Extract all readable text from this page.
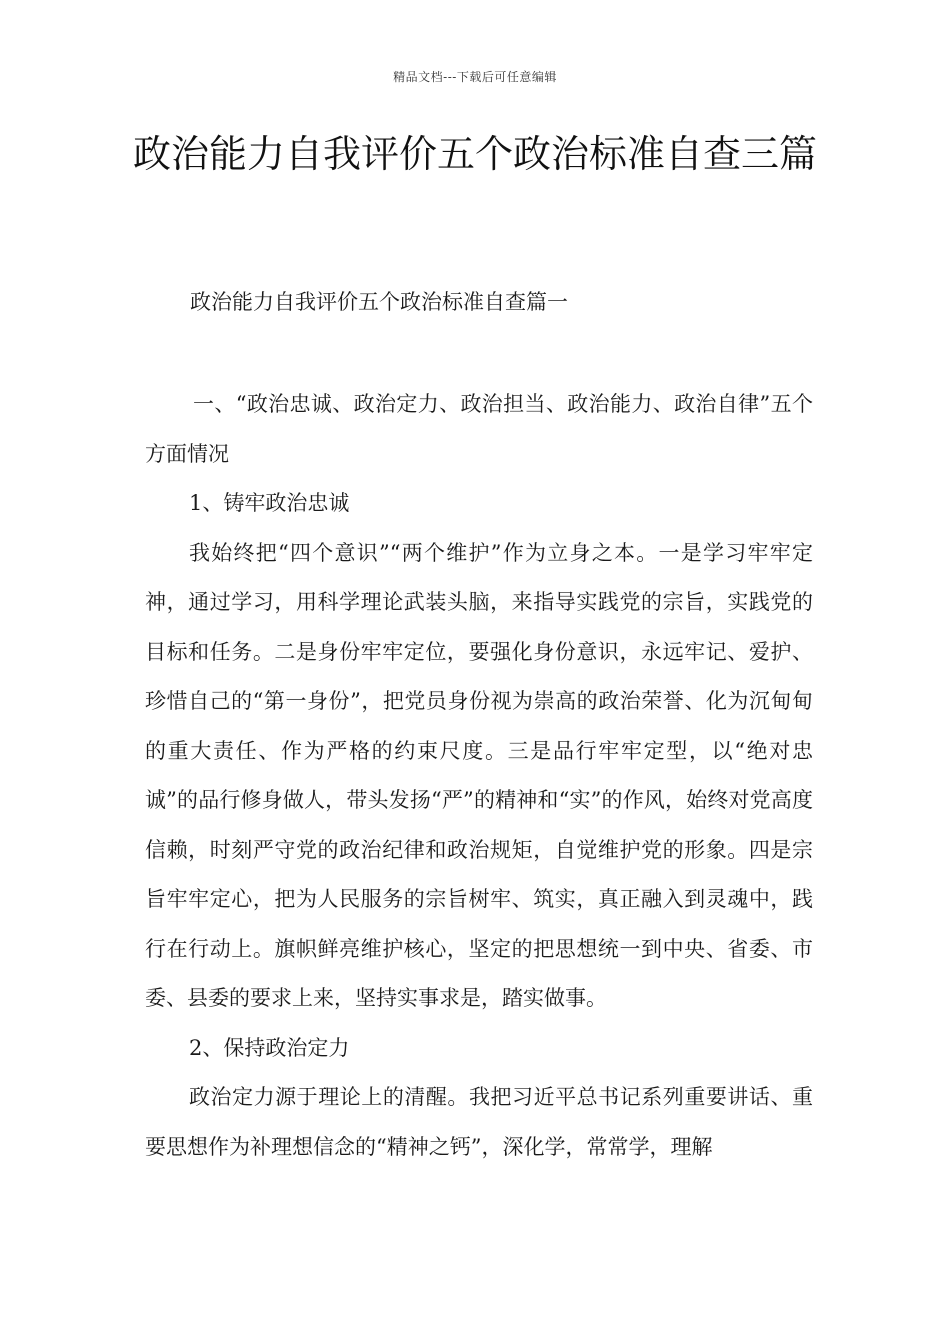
精品文档---下载后可任意编辑
政治能力自我评价五个政治标准自查三篇
政治能力自我评价五个政治标准自查篇一

一、“政治忠诚、政治定力、政治担当、政治能力、政治自律”五个方面情况

1、铸牢政治忠诚

我始终把“四个意识”“两个维护”作为立身之本。一是学习牢牢定神，通过学习，用科学理论武装头脑，来指导实践党的宗旨，实践党的目标和任务。二是身份牢牢定位，要强化身份意识，永远牢记、爱护、珍惜自己的“第一身份”，把党员身份视为崇高的政治荣誉、化为沉甸甸的重大责任、作为严格的约束尺度。三是品行牢牢定型，以“绝对忠诚”的品行修身做人，带头发扬“严”的精神和“实”的作风，始终对党高度信赖，时刻严守党的政治纪律和政治规矩，自觉维护党的形象。四是宗旨牢牢定心，把为人民服务的宗旨树牢、筑实，真正融入到灵魂中，践行在行动上。旗帜鲜亮维护核心，坚定的把思想统一到中央、省委、市委、县委的要求上来，坚持实事求是，踏实做事。

2、保持政治定力

政治定力源于理论上的清醒。我把习近平总书记系列重要讲话、重要思想作为补理想信念的“精神之钙”，深化学，常常学，理解
